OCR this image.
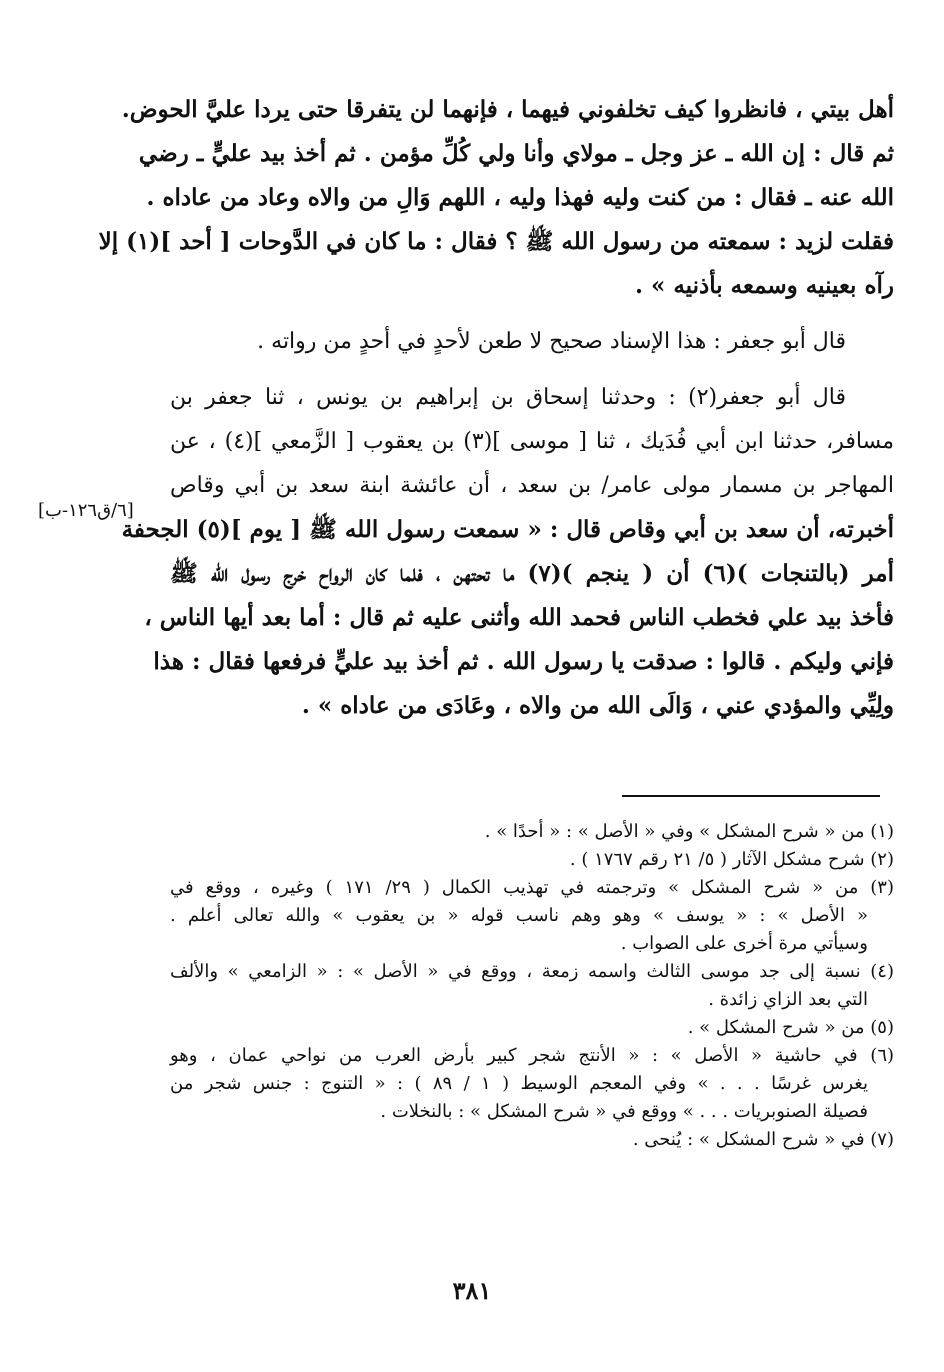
أهل بيتي ، فانظروا كيف تخلفوني فيهما ، فإنهما لن يتفرقا حتى يردا عليَّ الحوض.
ثم قال : إن الله ـ عز وجل ـ مولاي وأنا ولي كُلِّ مؤمن . ثم أخذ بيد عليٍّ ـ رضي
الله عنه ـ فقال : من كنت وليه فهذا وليه ، اللهم وَالِ من والاه وعاد من عاداه .
فقلت لزيد : سمعته من رسول الله ﷺ ؟ فقال : ما كان في الدَّوحات [ أحد ](١) إلا
رآه بعينيه وسمعه بأذنيه » .
قال أبو جعفر : هذا الإسناد صحيح لا طعن لأحدٍ في أحدٍ من رواته .
قال أبو جعفر(٢) : وحدثنا إسحاق بن إبراهيم بن يونس ، ثنا جعفر بن
مسافر، حدثنا ابن أبي فُدَيك ، ثنا [ موسى ](٣) بن يعقوب [ الزَّمعي ](٤) ، عن
المهاجر بن مسمار مولى عامر/ بن سعد ، أن عائشة ابنة سعد بن أبي وقاص
أخبرته، أن سعد بن أبي وقاص قال : « سمعت رسول الله ﷺ [ يوم ](٥) الجحفة
أمر (بالتنجات )(٦) أن ( ينجم )(٧) ما تحتهن ، فلما كان الرواح خرج رسول الله ﷺ
فأخذ بيد علي فخطب الناس فحمد الله وأثنى عليه ثم قال : أما بعد أيها الناس ،
فإني وليكم . قالوا : صدقت يا رسول الله . ثم أخذ بيد عليٍّ فرفعها فقال : هذا
ولِيِّي والمؤدي عني ، وَالَى الله من والاه ، وعَادَى من عاداه » .
[٦/ق١٢٦-ب]
(١) من « شرح المشكل » وفي « الأصل » : « أحدًا » .
(٢) شرح مشكل الآثار ( ٥/ ٢١ رقم ١٧٦٧ ) .
(٣) من « شرح المشكل » وترجمته في تهذيب الكمال ( ٢٩/ ١٧١ ) وغيره ، ووقع في
« الأصل » : « يوسف » وهو وهم ناسب قوله « بن يعقوب » والله تعالى أعلم .
وسيأتي مرة أخرى على الصواب .
(٤) نسبة إلى جد موسى الثالث واسمه زمعة ، ووقع في « الأصل » : « الزامعي » والألف
التي بعد الزاي زائدة .
(٥) من « شرح المشكل » .
(٦) في حاشية « الأصل » : « الأنتج شجر كبير بأرض العرب من نواحي عمان ، وهو
يغرس غرسًا . . . » وفي المعجم الوسيط ( ١ / ٨٩ ) : « التنوج : جنس شجر من
فصيلة الصنوبريات . . . » ووقع في « شرح المشكل » : بالنخلات .
(٧) في « شرح المشكل » : يُنحى .
٣٨١
